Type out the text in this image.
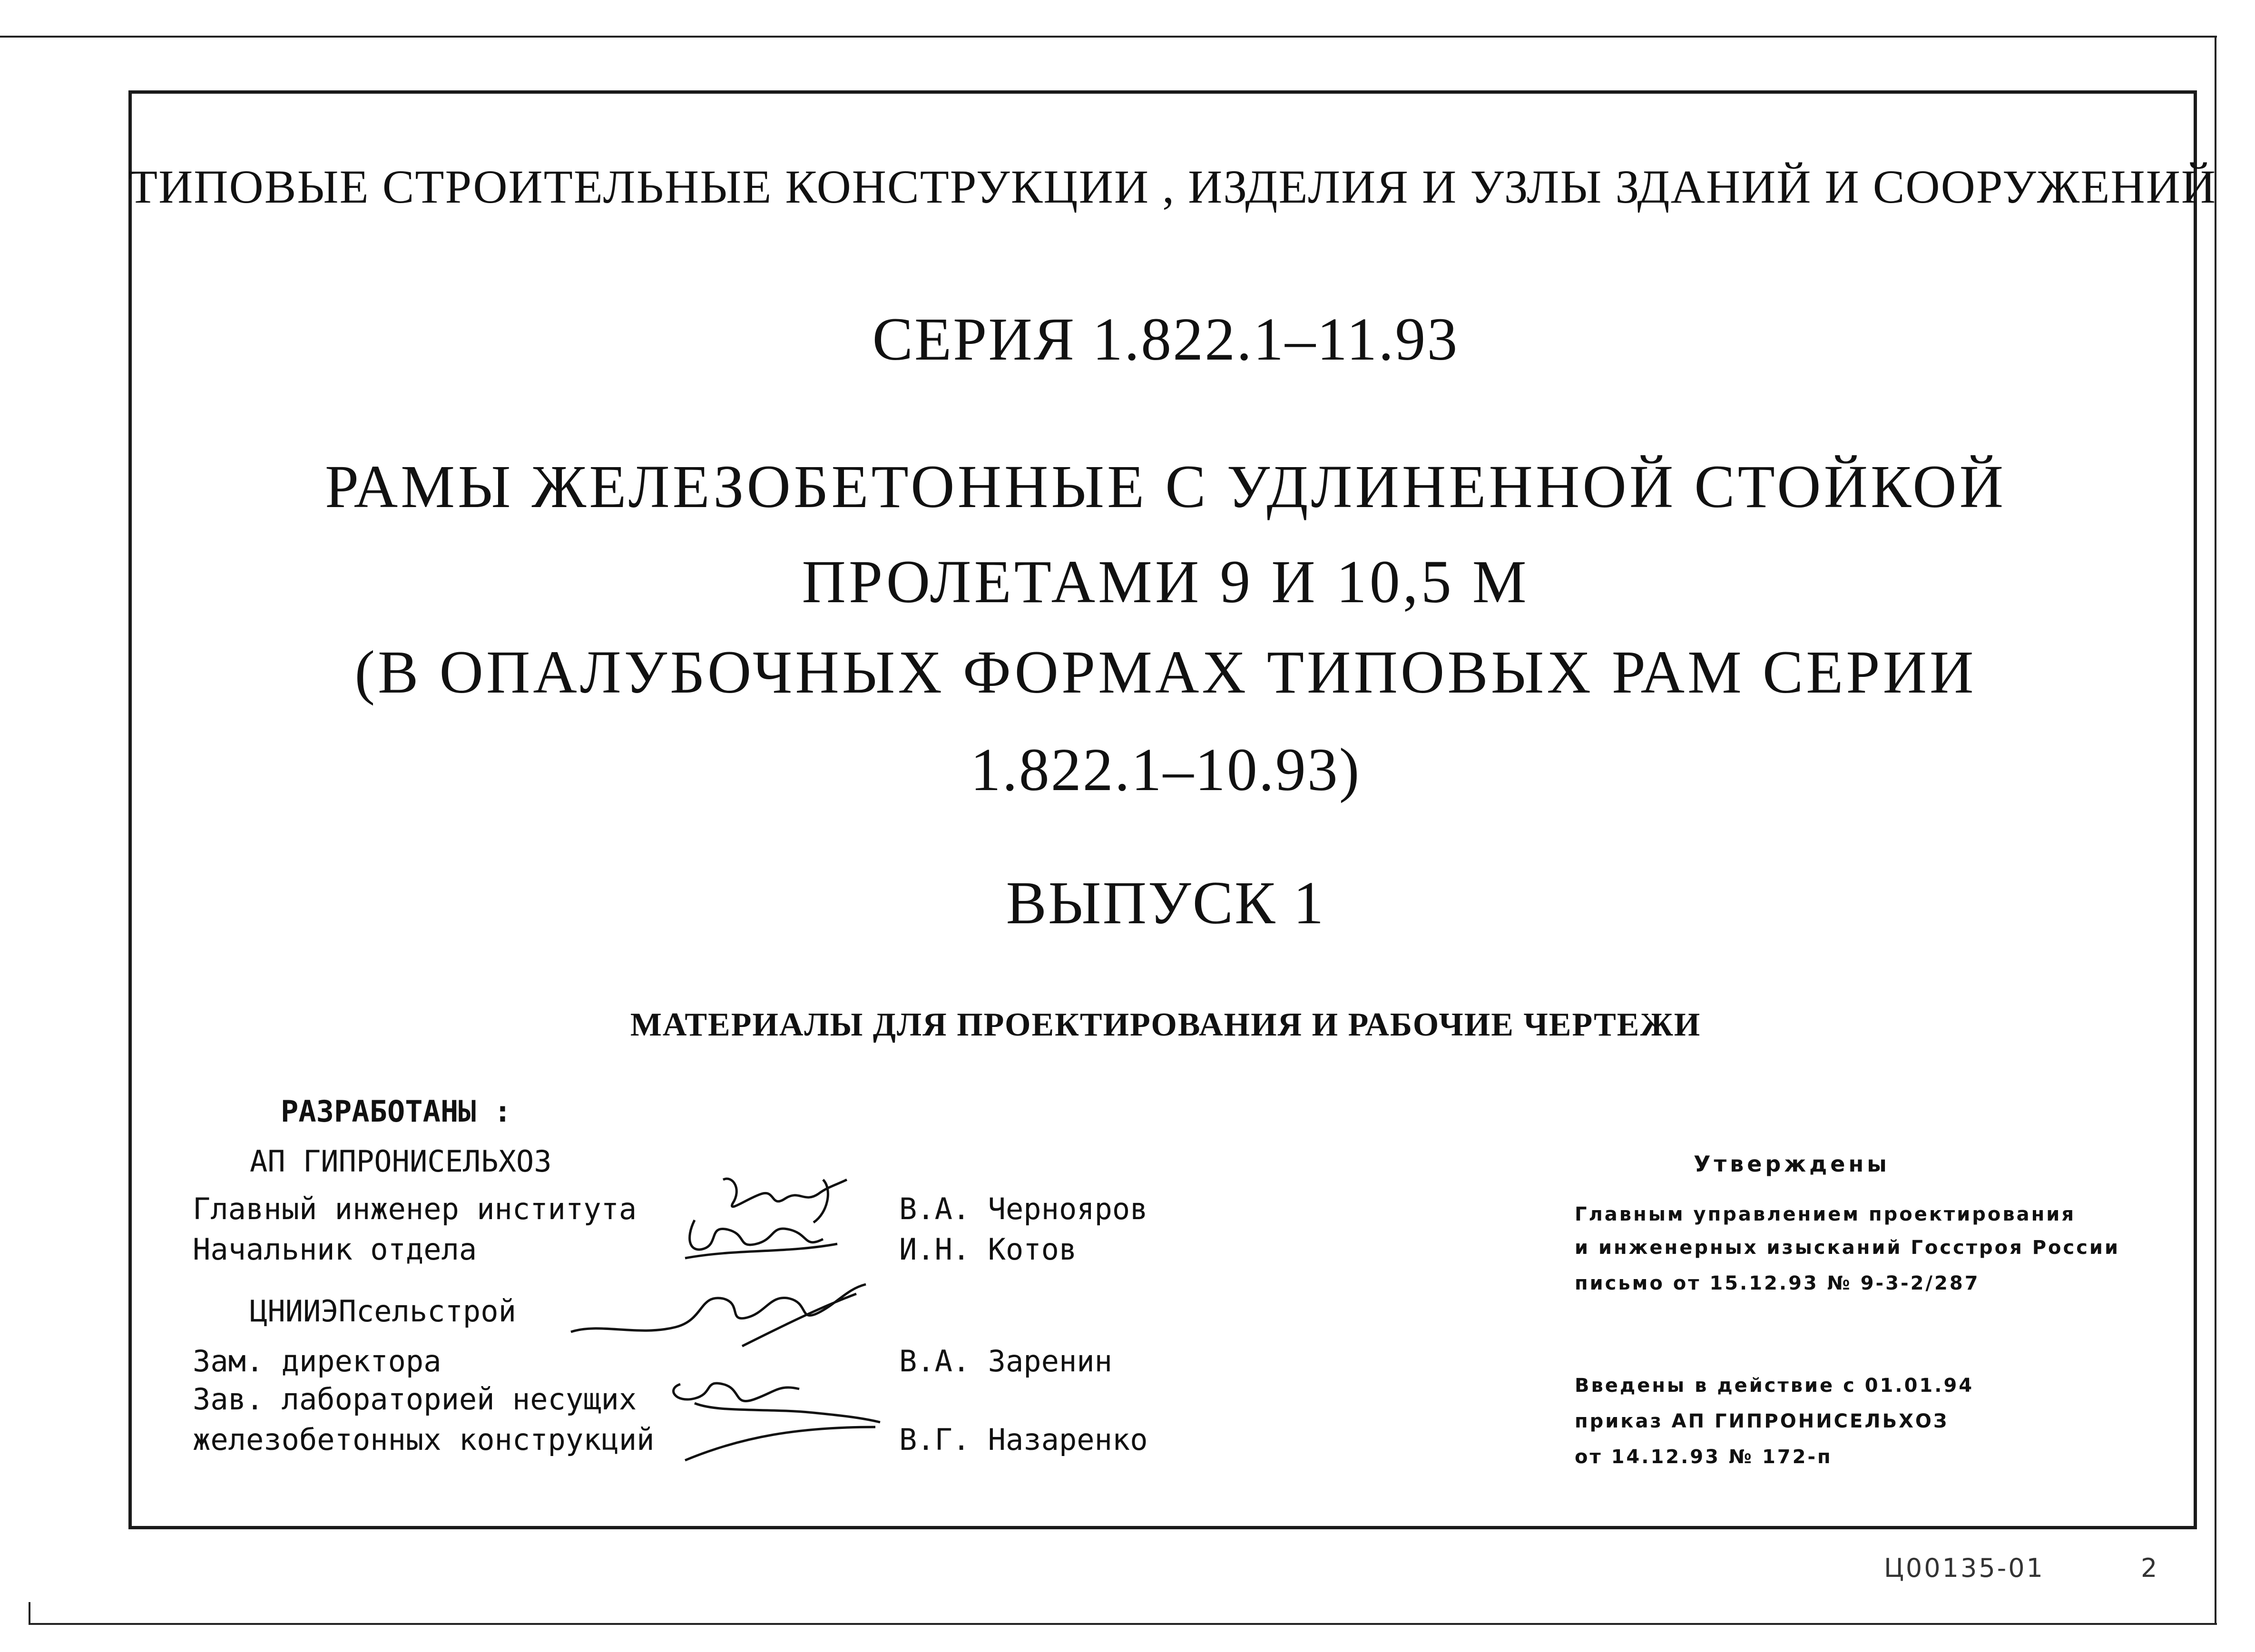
ТИПОВЫЕ СТРОИТЕЛЬНЫЕ КОНСТРУКЦИИ , ИЗДЕЛИЯ И УЗЛЫ ЗДАНИЙ И СООРУЖЕНИЙ
СЕРИЯ 1.822.1–11.93
РАМЫ ЖЕЛЕЗОБЕТОННЫЕ С УДЛИНЕННОЙ СТОЙКОЙ
ПРОЛЕТАМИ 9 И 10,5 М
(В ОПАЛУБОЧНЫХ ФОРМАХ ТИПОВЫХ РАМ СЕРИИ
1.822.1–10.93)
ВЫПУСК 1
МАТЕРИАЛЫ ДЛЯ ПРОЕКТИРОВАНИЯ И РАБОЧИЕ ЧЕРТЕЖИ
РАЗРАБОТАНЫ :
АП ГИПРОНИСЕЛЬХОЗ
Главный инженер института
Начальник отдела
В.А. Чернояров
И.Н. Котов
ЦНИИЭПсельстрой
Зам. директора
Зав. лабораторией несущих
железобетонных конструкций
В.А. Заренин
В.Г. Назаренко
Утверждены
Главным управлением проектирования
и инженерных изысканий Госстроя России
письмо от 15.12.93 № 9-3-2/287
Введены в действие с 01.01.94
приказ АП ГИПРОНИСЕЛЬХОЗ
от 14.12.93 № 172-п
Ц00135-01	2
